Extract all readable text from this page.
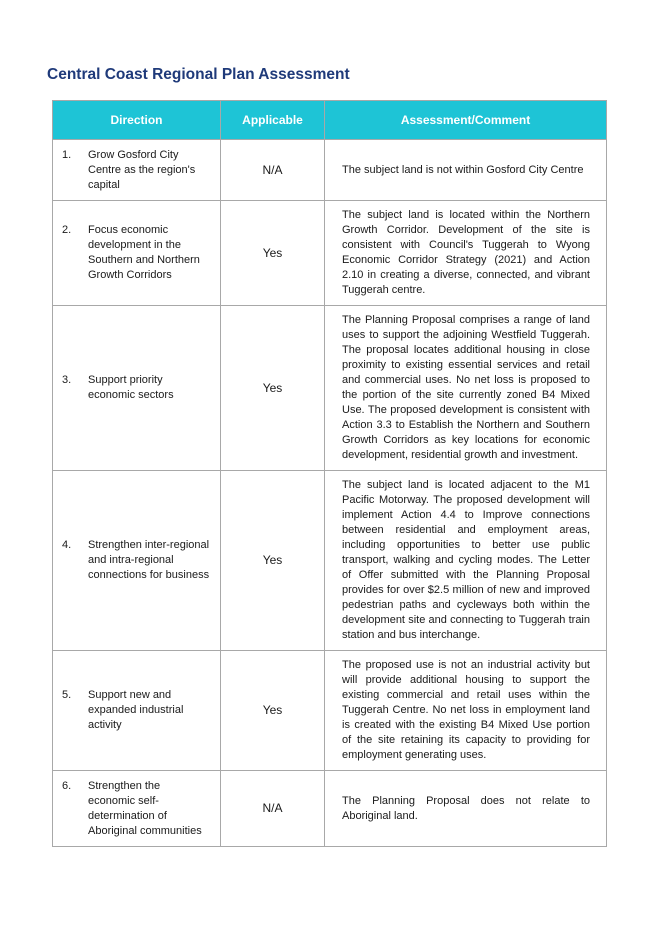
Central Coast Regional Plan Assessment
Direction	Applicable	Assessment/Comment

1. Grow Gosford City Centre as the region's capital	N/A	The subject land is not within Gosford City Centre

2. Focus economic development in the Southern and Northern Growth Corridors	Yes	The subject land is located within the Northern Growth Corridor. Development of the site is consistent with Council's Tuggerah to Wyong Economic Corridor Strategy (2021) and Action 2.10 in creating a diverse, connected, and vibrant Tuggerah centre.

3. Support priority economic sectors	Yes	The Planning Proposal comprises a range of land uses to support the adjoining Westfield Tuggerah. The proposal locates additional housing in close proximity to existing essential services and retail and commercial uses. No net loss is proposed to the portion of the site currently zoned B4 Mixed Use. The proposed development is consistent with Action 3.3 to Establish the Northern and Southern Growth Corridors as key locations for economic development, residential growth and investment.

4. Strengthen inter-regional and intra-regional connections for business	Yes	The subject land is located adjacent to the M1 Pacific Motorway. The proposed development will implement Action 4.4 to Improve connections between residential and employment areas, including opportunities to better use public transport, walking and cycling modes. The Letter of Offer submitted with the Planning Proposal provides for over $2.5 million of new and improved pedestrian paths and cycleways both within the development site and connecting to Tuggerah train station and bus interchange.

5. Support new and expanded industrial activity	Yes	The proposed use is not an industrial activity but will provide additional housing to support the existing commercial and retail uses within the Tuggerah Centre. No net loss in employment land is created with the existing B4 Mixed Use portion of the site retaining its capacity to providing for employment generating uses.

6. Strengthen the economic self-determination of Aboriginal communities	N/A	The Planning Proposal does not relate to Aboriginal land.
